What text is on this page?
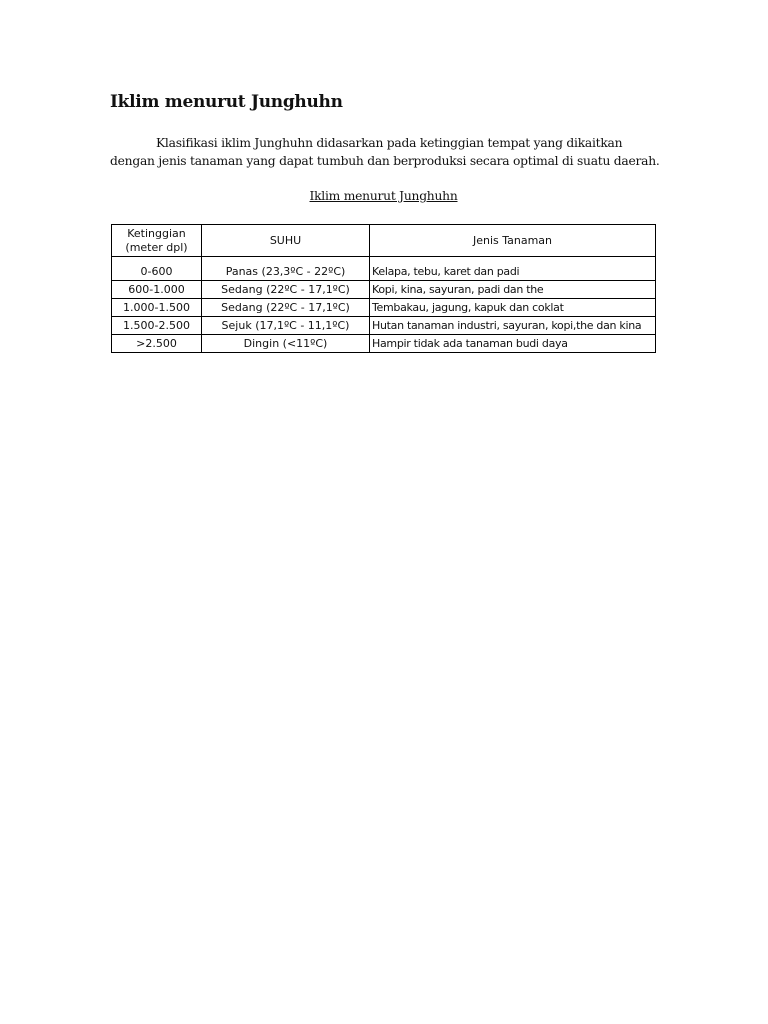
Iklim menurut Junghuhn

Klasifikasi iklim Junghuhn didasarkan pada ketinggian tempat yang dikaitkan dengan jenis tanaman yang dapat tumbuh dan berproduksi secara optimal di suatu daerah.

Iklim menurut Junghuhn

Ketinggian
(meter dpl)	SUHU	Jenis Tanaman
0-600	Panas (23,3ºC - 22ºC)	Kelapa, tebu, karet dan padi
600-1.000	Sedang (22ºC - 17,1ºC)	Kopi, kina, sayuran, padi dan the
1.000-1.500	Sedang (22ºC - 17,1ºC)	Tembakau, jagung, kapuk dan coklat
1.500-2.500	Sejuk (17,1ºC - 11,1ºC)	Hutan tanaman industri, sayuran, kopi,the dan kina
>2.500	Dingin (<11ºC)	Hampir tidak ada tanaman budi daya
